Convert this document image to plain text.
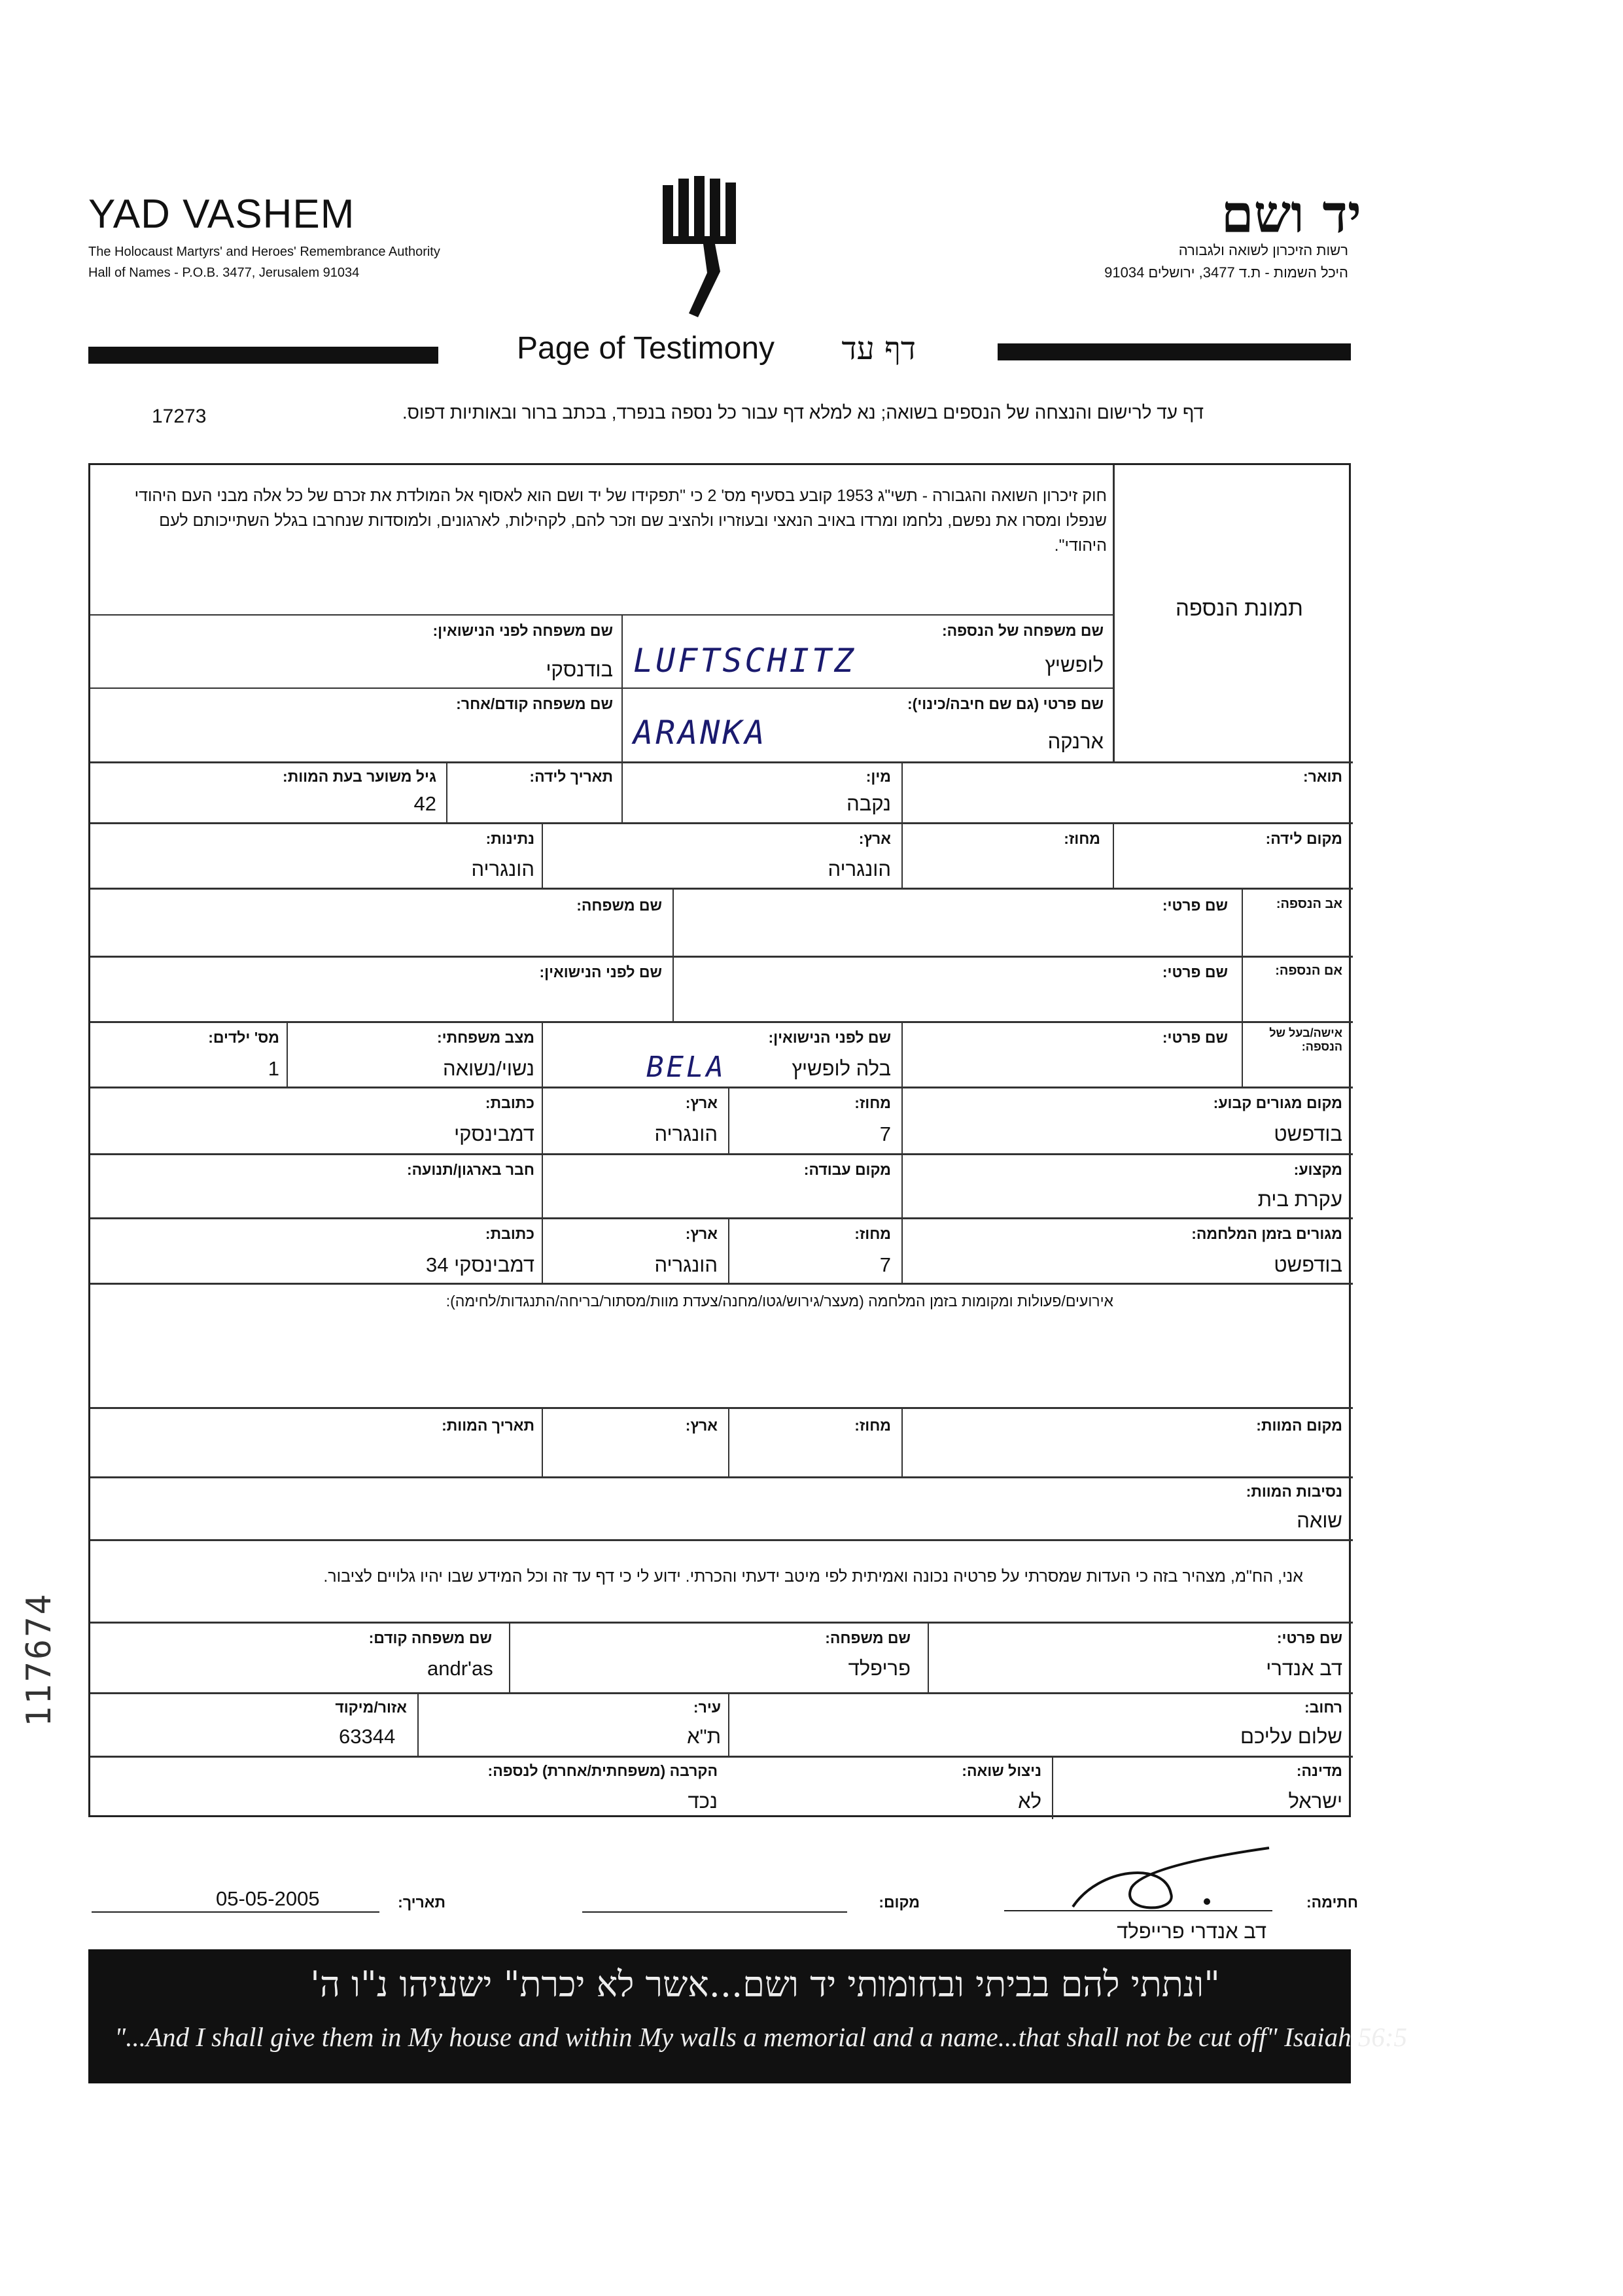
YAD VASHEM
The Holocaust Martyrs' and Heroes' Remembrance Authority
Hall of Names - P.O.B. 3477, Jerusalem 91034
יד ושם
רשות הזיכרון לשואה ולגבורה
היכל השמות - ת.ד 3477, ירושלים 91034
Page of Testimony	דף עד
דף עד לרישום והנצחה של הנספים בשואה; נא למלא דף עבור כל נספה בנפרד, בכתב ברור ובאותיות דפוס.
17273
חוק זיכרון השואה והגבורה - תשי"ג 1953 קובע בסעיף מס' 2 כי "תפקידו של יד ושם הוא לאסוף אל המולדת את זכרם של כל אלה מבני העם היהודי שנפלו ומסרו את נפשם, נלחמו ומרדו באויב הנאצי ובעוזריו ולהציב שם וזכר להם, לקהילות, לארגונים, ולמוסדות שנחרבו בגלל השתייכותם לעם היהודי".
תמונת הנספה
שם משפחה של הנספה:
לופשיץ
LUFTSCHITZ
שם משפחה לפני הנישואין:
בודנסקי
שם פרטי (גם שם חיבה/כינוי):
ארנקה
ARANKA
שם משפחה קודם/אחר:
תואר:
מין:
נקבה
תאריך לידה:
גיל משוער בעת המוות:
42
מקום לידה:
מחוז:
ארץ:
הונגריה
נתינות:
הונגריה
אב הנספה:
שם פרטי:
שם משפחה:
אם הנספה:
שם פרטי:
שם לפני הנישואין:
אישה/בעל של הנספה:
שם פרטי:
שם לפני הנישואין:
בלה לופשיץ
BELA
מצב משפחתי:
נשוי/נשואה
מס' ילדים:
1
מקום מגורים קבוע:
בודפשט
מחוז:
7
ארץ:
הונגריה
כתובת:
דמבינסקי
מקצוע:
עקרת בית
מקום עבודה:
חבר בארגון/תנועה:
מגורים בזמן המלחמה:
בודפשט
מחוז:
7
ארץ:
הונגריה
כתובת:
דמבינסקי 34
אירועים/פעולות ומקומות בזמן המלחמה (מעצר/גירוש/גטו/מחנה/צעדת מוות/מסתור/בריחה/התנגדות/לחימה):
מקום המוות:
מחוז:
ארץ:
תאריך המוות:
נסיבות המוות:
שואה
אני, הח"מ, מצהיר בזה כי העדות שמסרתי על פרטיה נכונה ואמיתית לפי מיטב ידעתי והכרתי. ידוע לי כי דף עד זה וכל המידע שבו יהיו גלויים לציבור.
שם פרטי:
דב אנדרי
שם משפחה:
פריפלד
שם משפחה קודם:
andr'as
רחוב:
שלום עליכם
עיר:
ת"א
אזור/מיקוד
63344
מדינה:
ישראל
ניצול שואה:
לא
הקרבה (משפחתית/אחרת) לנספה:
נכד
117674
חתימה:
דב אנדרי פרייפלד
מקום:
תאריך:
05-05-2005
"ונתתי להם בביתי ובחומותי יד ושם...אשר לא יכרת" ישעיהו נ"ו ה'
"...And I shall give them in My house and within My walls a memorial and a name...that shall not be cut off" Isaiah 56:5
